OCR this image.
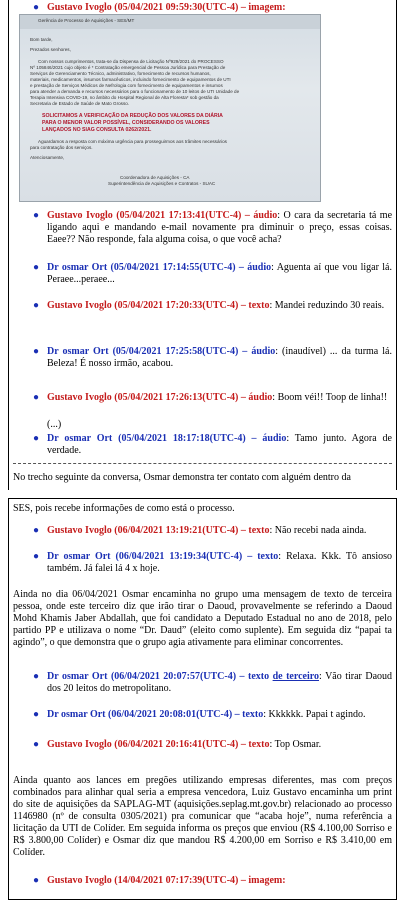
● Gustavo Ivoglo (05/04/2021 09:59:30(UTC-4) – imagem:
Gerência de Processo de Aquisições - SES/MT
Bom tarde,
Prezados senhores,
Com nossos cumprimentos, trata-se da Dispensa de Licitação Nº929/2021 do PROCESSO
Nº 105846/2021 cujo objeto é * Contratação emergencial de Pessoa Jurídica para Prestação de
Serviços de Gerenciamento Técnico, administrativo, fornecimento de recursos humanos,
materiais, medicamentos, insumos farmacêuticos, incluindo fornecimento de equipamentos de UTI
e prestação de Serviços Médicos de Nefrologia com fornecimento de equipamentos e insumos
para atender a demanda e recursos necessários para o funcionamento de 10 leitos de UTI Unidade de
Terapia Intensiva COVID-19, no âmbito do Hospital Regional de Alta Floresta* sob gestão da
Secretaria de Estado de Saúde de Mato Grosso.
SOLICITAMOS A VERIFICAÇÃO DA REDUÇÃO DOS VALORES DA DIÁRIA
PARA O MENOR VALOR POSSÍVEL, CONSIDERANDO OS VALORES
LANÇADOS NO SIAG CONSULTA 0262/2021.
Aguardamos a resposta com máxima urgência para prosseguirmos aos trâmites necessários
para contratação dos serviços.
Atenciosamente,
Coordenadora de Aquisições - CA
Superintendência de Aquisições e Contratos - SUAC
● Gustavo Ivoglo (05/04/2021 17:13:41(UTC-4) – áudio: O cara da secretaria tá me ligando aqui e mandando e-mail novamente pra diminuir o preço, essas coisas. Eaee?? Não responde, fala alguma coisa, o que você acha?
● Dr osmar Ort (05/04/2021 17:14:55(UTC-4) – áudio: Aguenta aí que vou ligar lá. Peraee...peraee...
● Gustavo Ivoglo (05/04/2021 17:20:33(UTC-4) – texto: Mandei reduzindo 30 reais.
● Dr osmar Ort (05/04/2021 17:25:58(UTC-4) – áudio: (inaudível) ... da turma lá. Beleza! É nosso irmão, acabou.
● Gustavo Ivoglo (05/04/2021 17:26:13(UTC-4) – áudio: Boom véi!! Toop de linha!!
(...)
● Dr osmar Ort (05/04/2021 18:17:18(UTC-4) – áudio: Tamo junto. Agora de verdade.
No trecho seguinte da conversa, Osmar demonstra ter contato com alguém dentro da
SES, pois recebe informações de como está o processo.
● Gustavo Ivoglo (06/04/2021 13:19:21(UTC-4) – texto: Não recebi nada ainda.
● Dr osmar Ort (06/04/2021 13:19:34(UTC-4) – texto: Relaxa. Kkk. Tô ansioso também. Já falei lá 4 x hoje.
Ainda no dia 06/04/2021 Osmar encaminha no grupo uma mensagem de texto de terceira pessoa, onde este terceiro diz que irão tirar o Daoud, provavelmente se referindo a Daoud Mohd Khamis Jaber Abdallah, que foi candidato a Deputado Estadual no ano de 2018, pelo partido PP e utilizava o nome “Dr. Daud” (eleito como suplente). Em seguida diz “papai ta agindo”, o que demonstra que o grupo agia ativamente para eliminar concorrentes.
● Dr osmar Ort (06/04/2021 20:07:57(UTC-4) – texto de terceiro: Vão tirar Daoud dos 20 leitos do metropolitano.
● Dr osmar Ort (06/04/2021 20:08:01(UTC-4) – texto: Kkkkkk. Papai t agindo.
● Gustavo Ivoglo (06/04/2021 20:16:41(UTC-4) – texto: Top Osmar.
Ainda quanto aos lances em pregões utilizando empresas diferentes, mas com preços combinados para alinhar qual seria a empresa vencedora, Luiz Gustavo encaminha um print do site de aquisições da SAPLAG-MT (aquisições.seplag.mt.gov.br) relacionado ao processo 1146980 (nº de consulta 0305/2021) pra comunicar que “acaba hoje”, numa referência a licitação da UTI de Colíder. Em seguida informa os preços que enviou (R$ 4.100,00 Sorriso e R$ 3.800,00 Colíder) e Osmar diz que mandou R$ 4.200,00 em Sorriso e R$ 3.410,00 em Colíder.
● Gustavo Ivoglo (14/04/2021 07:17:39(UTC-4) – imagem:
